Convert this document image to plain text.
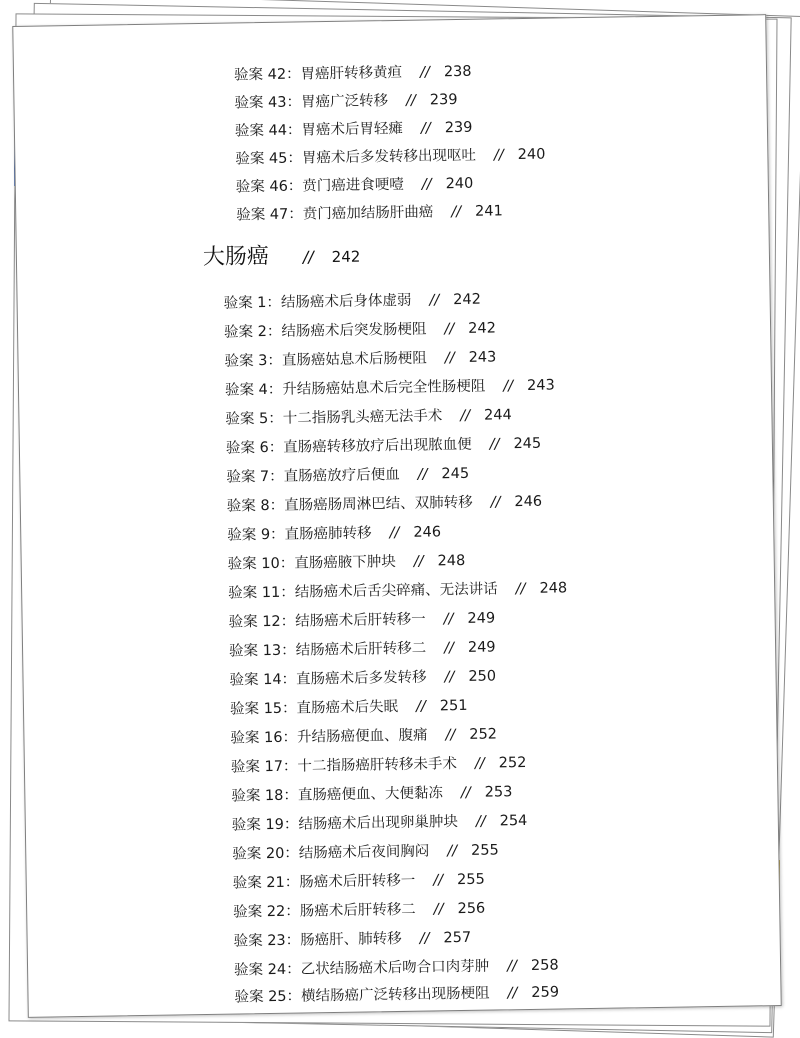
验案 42：胃癌肝转移黄疸 // 238
验案 43：胃癌广泛转移 // 239
验案 44：胃癌术后胃轻瘫 // 239
验案 45：胃癌术后多发转移出现呕吐 // 240
验案 46：贲门癌进食哽噎 // 240
验案 47：贲门癌加结肠肝曲癌 // 241
大肠癌 // 242
验案 1：结肠癌术后身体虚弱 // 242
验案 2：结肠癌术后突发肠梗阻 // 242
验案 3：直肠癌姑息术后肠梗阻 // 243
验案 4：升结肠癌姑息术后完全性肠梗阻 // 243
验案 5：十二指肠乳头癌无法手术 // 244
验案 6：直肠癌转移放疗后出现脓血便 // 245
验案 7：直肠癌放疗后便血 // 245
验案 8：直肠癌肠周淋巴结、双肺转移 // 246
验案 9：直肠癌肺转移 // 246
验案 10：直肠癌腋下肿块 // 248
验案 11：结肠癌术后舌尖碎痛、无法讲话 // 248
验案 12：结肠癌术后肝转移一 // 249
验案 13：结肠癌术后肝转移二 // 249
验案 14：直肠癌术后多发转移 // 250
验案 15：直肠癌术后失眠 // 251
验案 16：升结肠癌便血、腹痛 // 252
验案 17：十二指肠癌肝转移未手术 // 252
验案 18：直肠癌便血、大便黏冻 // 253
验案 19：结肠癌术后出现卵巢肿块 // 254
验案 20：结肠癌术后夜间胸闷 // 255
验案 21：肠癌术后肝转移一 // 255
验案 22：肠癌术后肝转移二 // 256
验案 23：肠癌肝、肺转移 // 257
验案 24：乙状结肠癌术后吻合口肉芽肿 // 258
验案 25：横结肠癌广泛转移出现肠梗阻 // 259
